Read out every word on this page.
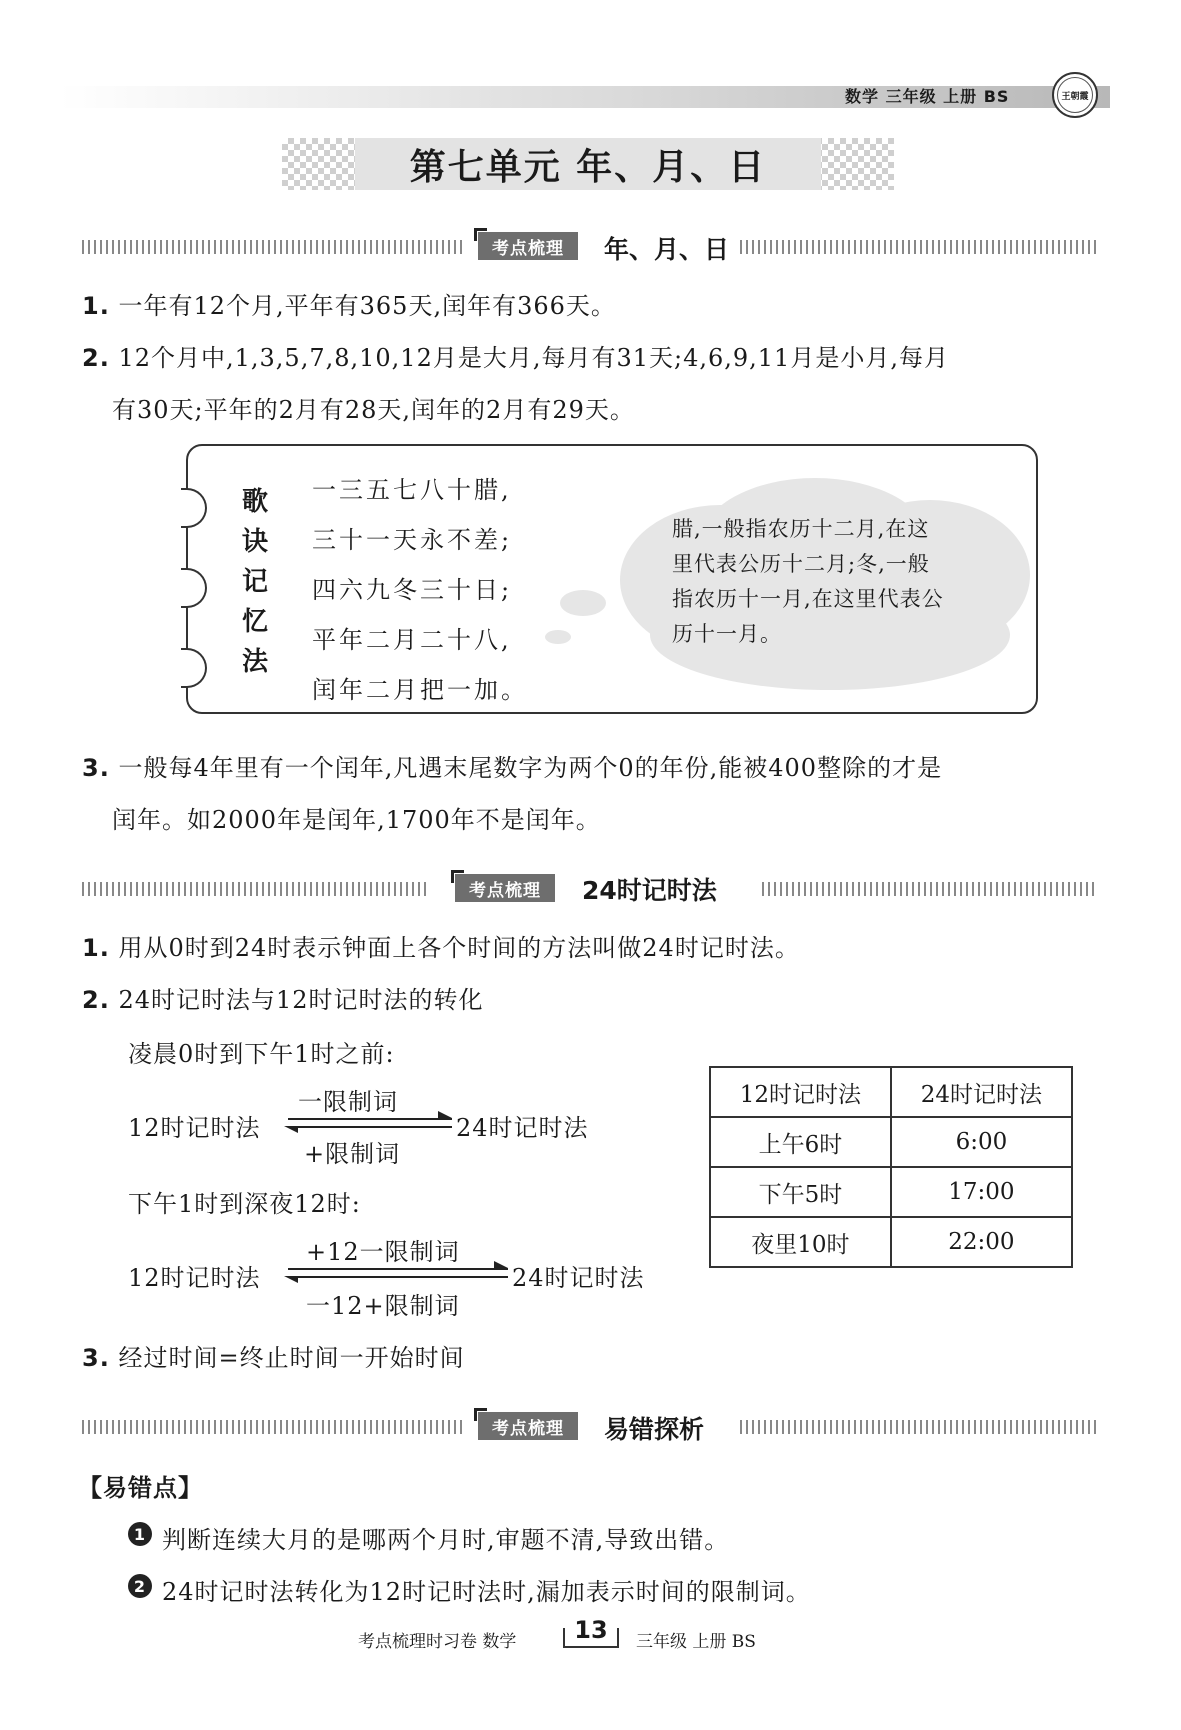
数学 三年级 上册 BS	王朝霞
第七单元 年、月、日
考点梳理	年、月、日
1. 一年有12个月,平年有365天,闰年有366天。
2. 12个月中,1,3,5,7,8,10,12月是大月,每月有31天;4,6,9,11月是小月,每月
有30天;平年的2月有28天,闰年的2月有29天。
歌
诀
记
忆
法
一三五七八十腊,
三十一天永不差;
四六九冬三十日;
平年二月二十八,
闰年二月把一加。
腊,一般指农历十二月,在这
里代表公历十二月;冬,一般
指农历十一月,在这里代表公
历十一月。
3. 一般每4年里有一个闰年,凡遇末尾数字为两个0的年份,能被400整除的才是
闰年。如2000年是闰年,1700年不是闰年。
考点梳理	24时记时法
1. 用从0时到24时表示钟面上各个时间的方法叫做24时记时法。
2. 24时记时法与12时记时法的转化
凌晨0时到下午1时之前:
一限制词
12时记时法	24时记时法
+限制词
下午1时到深夜12时:
+12一限制词
12时记时法	24时记时法
一12+限制词
12时记时法	24时记时法
上午6时	6:00
下午5时	17:00
夜里10时	22:00
3. 经过时间=终止时间一开始时间
考点梳理	易错探析
【易错点】
1 判断连续大月的是哪两个月时,审题不清,导致出错。
2 24时记时法转化为12时记时法时,漏加表示时间的限制词。
考点梳理时习卷 数学	13	三年级 上册 BS
